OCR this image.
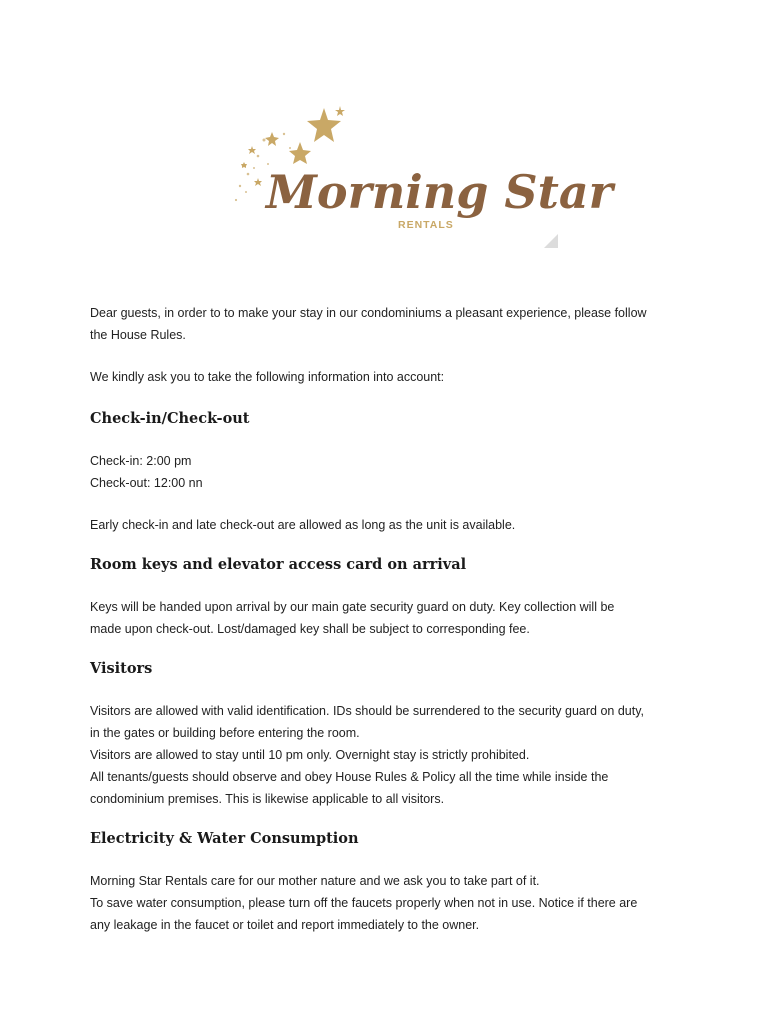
Morning Star
RENTALS

Dear guests, in order to to make your stay in our condominiums a pleasant experience, please follow

the House Rules.

We kindly ask you to take the following information into account:

Check-in/Check-out

Check-in: 2:00 pm

Check-out: 12:00 nn

Early check-in and late check-out are allowed as long as the unit is available.

Room keys and elevator access card on arrival

Keys will be handed upon arrival by our main gate security guard on duty. Key collection will be

made upon check-out. Lost/damaged key shall be subject to corresponding fee.

Visitors

Visitors are allowed with valid identification. IDs should be surrendered to the security guard on duty,

in the gates or building before entering the room.

Visitors are allowed to stay until 10 pm only. Overnight stay is strictly prohibited.

All tenants/guests should observe and obey House Rules & Policy all the time while inside the

condominium premises. This is likewise applicable to all visitors.

Electricity & Water Consumption

Morning Star Rentals care for our mother nature and we ask you to take part of it.

To save water consumption, please turn off the faucets properly when not in use. Notice if there are

any leakage in the faucet or toilet and report immediately to the owner.
